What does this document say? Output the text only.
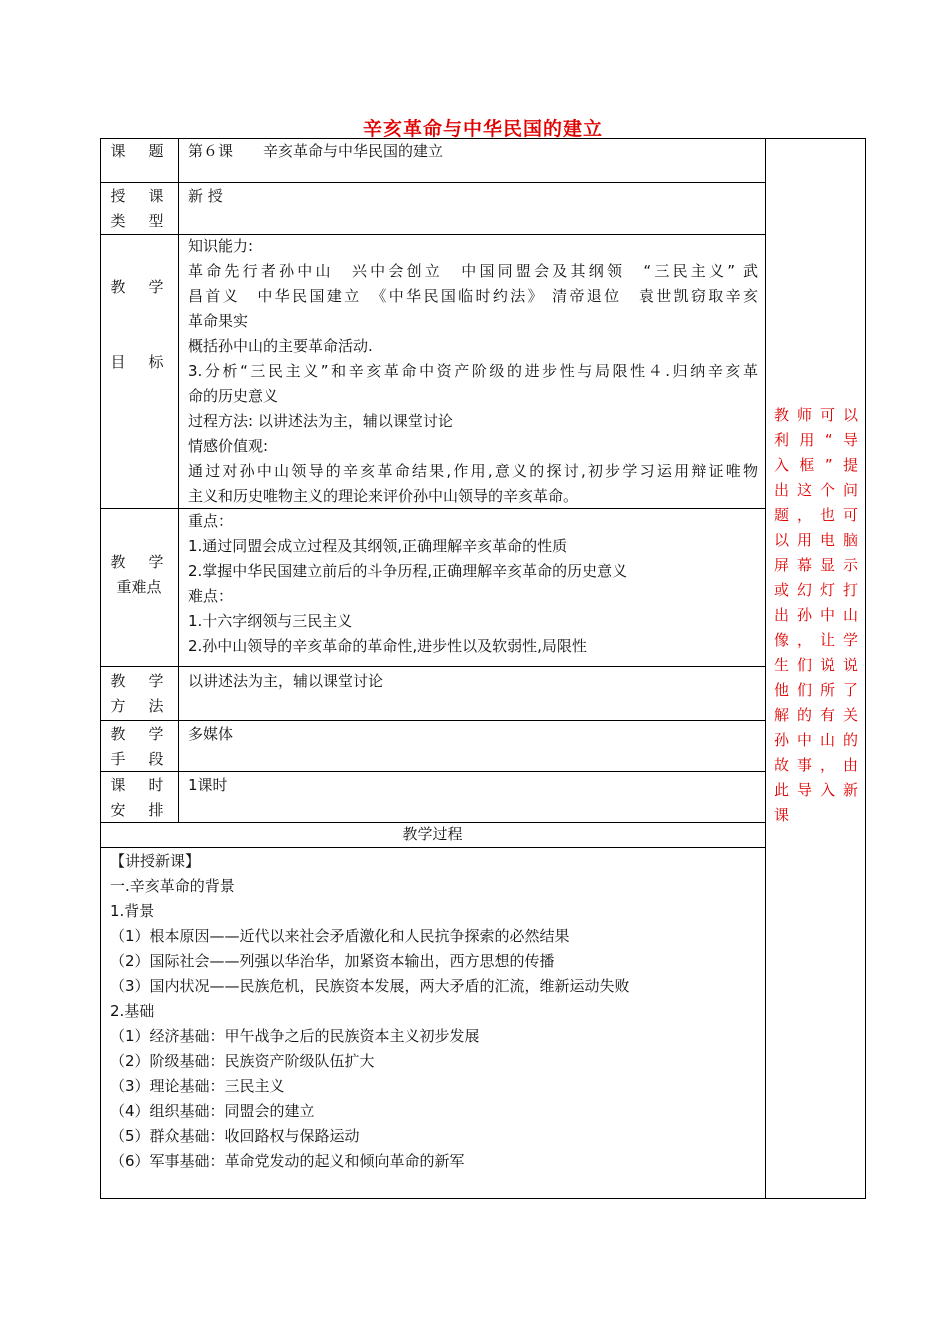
辛亥革命与中华民国的建立
课　题	第６课　　辛亥革命与中华民国的建立
授　课
类　型
新 授
教　学
目　标
知识能力:
革命先行者孙中山　兴中会创立　中国同盟会及其纲领　“三民主义” 武
昌首义　中华民国建立　《中华民国临时约法》 清帝退位　袁世凯窃取辛亥
革命果实
概括孙中山的主要革命活动.
3.分析“三民主义”和辛亥革命中资产阶级的进步性与局限性４.归纳辛亥革
命的历史意义
过程方法: 以讲述法为主，辅以课堂讨论
情感价值观:
通过对孙中山领导的辛亥革命结果,作用,意义的探讨,初步学习运用辩证唯物
主义和历史唯物主义的理论来评价孙中山领导的辛亥革命。
教　学
重难点
重点：
1.通过同盟会成立过程及其纲领,正确理解辛亥革命的性质
2.掌握中华民国建立前后的斗争历程,正确理解辛亥革命的历史意义
难点：
1.十六字纲领与三民主义
2.孙中山领导的辛亥革命的革命性,进步性以及软弱性,局限性
教　学
方　法
以讲述法为主，辅以课堂讨论
教　学
手　段
多媒体
课　时
安　排
1课时
教学过程
【讲授新课】
一.辛亥革命的背景
1.背景
（1）根本原因——近代以来社会矛盾激化和人民抗争探索的必然结果
（2）国际社会——列强以华治华，加紧资本输出，西方思想的传播
（3）国内状况——民族危机，民族资本发展，两大矛盾的汇流，维新运动失败
2.基础
（1）经济基础：甲午战争之后的民族资本主义初步发展
（2）阶级基础：民族资产阶级队伍扩大
（3）理论基础：三民主义
（4）组织基础：同盟会的建立
（5）群众基础：收回路权与保路运动
（6）军事基础：革命党发动的起义和倾向革命的新军
教师可以
利用“导
入框”提
出这个问
题，也可
以用电脑
屏幕显示
或幻灯打
出孙中山
像，让学
生们说说
他们所了
解的有关
孙中山的
故事，由
此导入新
课
